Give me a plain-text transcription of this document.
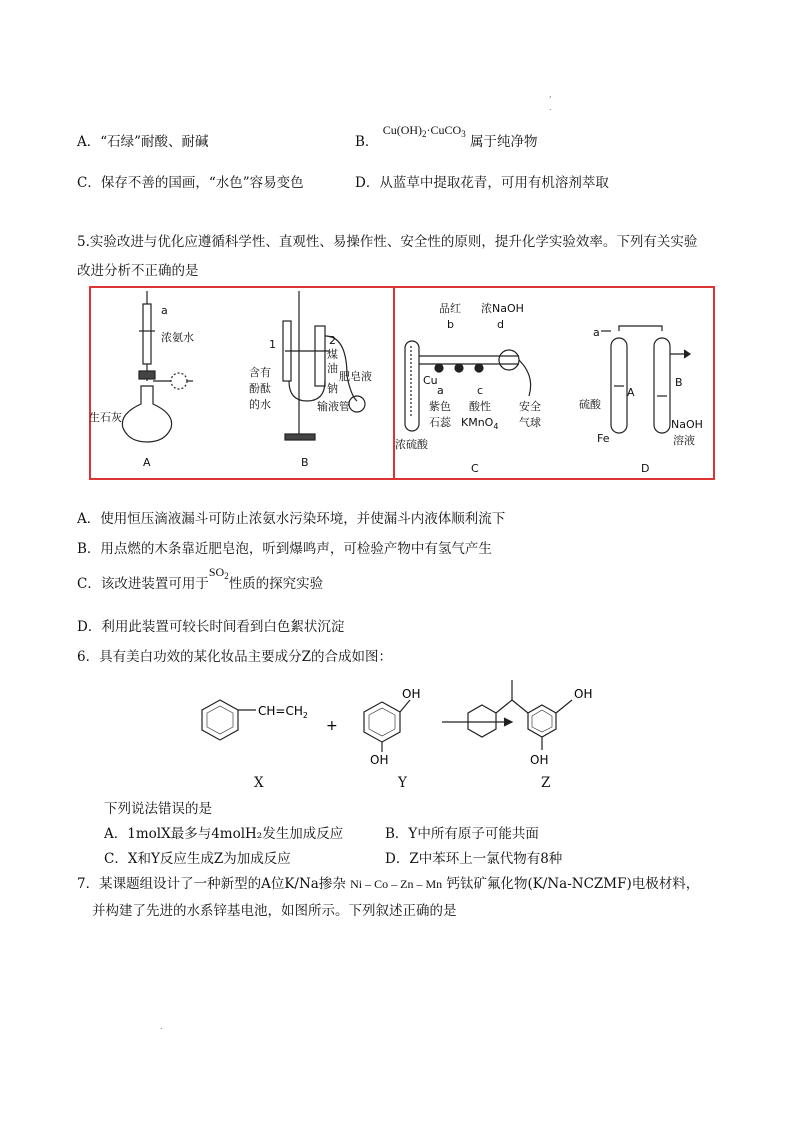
,
.
.
A．“石绿”耐酸、耐碱	B． $Cu(OH)_2\cdot CuCO_3$ 属于纯净物
C．保存不善的国画，“水色”容易变色	D．从蓝草中提取花青，可用有机溶剂萃取
5.实验改进与优化应遵循科学性、直观性、易操作性、安全性的原则，提升化学实验效率。下列有关实验
改进分析不正确的是
a
浓氨水
生石灰
A
1	2
煤
油
钠
含有
酚酞
的水
肥皂液
输液管
B
品红
b
浓NaOH
d
Cu
a	c
紫色
石蕊
酸性
KMnO$_4$
安全
气球
浓硫酸
C
a
A
B
硫酸
Fe
NaOH
溶液
D
A．使用恒压滴液漏斗可防止浓氨水污染环境，并使漏斗内液体顺利流下
B．用点燃的木条靠近肥皂泡，听到爆鸣声，可检验产物中有氢气产生
C．该改进装置可用于$SO_2$性质的探究实验
D．利用此装置可较长时间看到白色絮状沉淀
6．具有美白功效的某化妆品主要成分Z的合成如图：
$CH=CH_2$
+
OH
OH
OH
OH
X	Y	Z
下列说法错误的是
A．1molX最多与4molH₂发生加成反应	B．Y中所有原子可能共面
C．X和Y反应生成Z为加成反应	D．Z中苯环上一氯代物有8种
7．某课题组设计了一种新型的A位K/Na掺杂 Ni – Co – Zn – Mn 钙钛矿氟化物(K/Na-NCZMF)电极材料，
并构建了先进的水系锌基电池，如图所示。下列叙述正确的是
